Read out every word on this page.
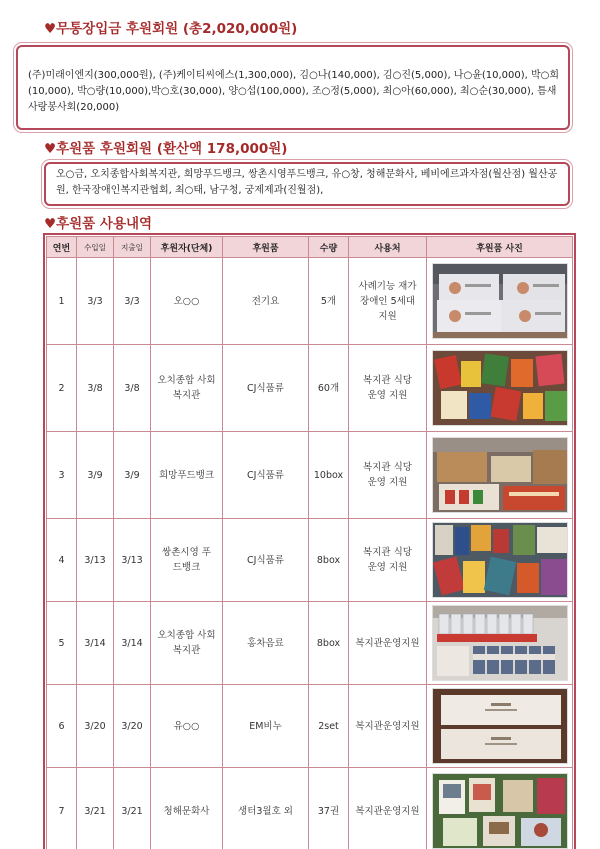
♥무통장입금 후원회원 (총2,020,000원)
(주)미래이엔지(300,000원), (주)케이티씨에스(1,300,000), 김○나(140,000), 김○진(5,000), 나○윤(10,000), 박○희(10,000), 박○량(10,000),박○호(30,000), 양○섭(100,000), 조○정(5,000), 최○아(60,000), 최○순(30,000), 틈새사랑봉사회(20,000)
♥후원품 후원회원 (환산액 178,000원)
오○금, 오치종합사회복지관, 희망푸드뱅크, 쌍촌시영푸드뱅크, 유○창, 청해문화사, 베비에르과자점(월산점) 월산공원, 한국장애인복지관협회, 최○태, 남구청, 궁제제과(진월점),
♥후원품 사용내역
연번	수입일	지출일	후원자(단체)	후원품	수량	사용처	후원품 사진
1	3/3	3/3	오○○	전기요	5개	사례기능 재가장애인 5세대지원	

2	3/8	3/8	오치종합 사회복지관	CJ식품류	60개	복지관 식당 운영 지원	

3	3/9	3/9	희망푸드뱅크	CJ식품류	10box	복지관 식당 운영 지원	

4	3/13	3/13	쌍촌시영 푸드뱅크	CJ식품류	8box	복지관 식당 운영 지원	

5	3/14	3/14	오치종합 사회복지관	홍차음료	8box	복지관운영지원	

6	3/20	3/20	유○○	EM비누	2set	복지관운영지원	

7	3/21	3/21	청해문화사	생터3월호 외	37권	복지관운영지원	
